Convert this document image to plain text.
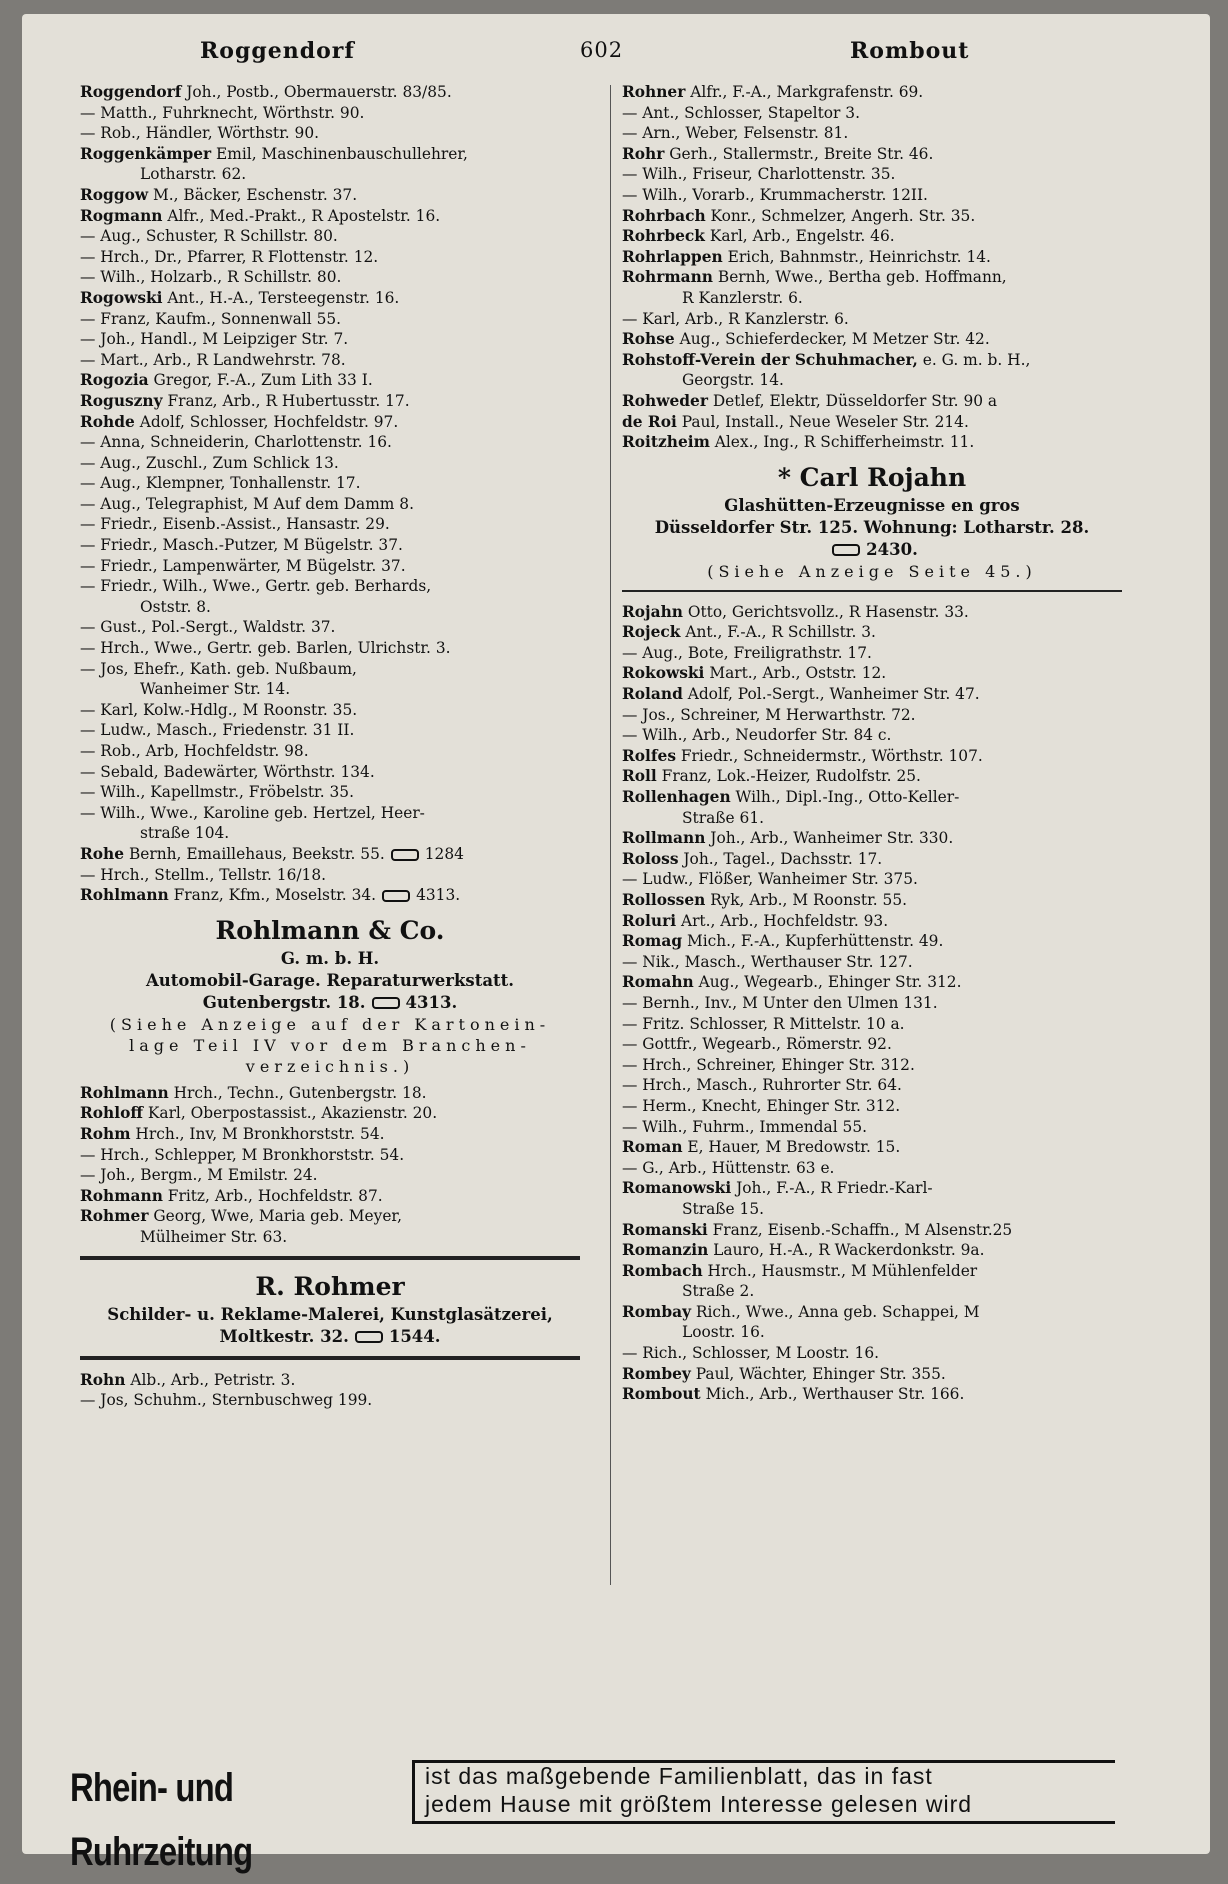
Roggendorf	602	Rombout
Roggendorf Joh., Postb., Obermauerstr. 83/85.
— Matth., Fuhrknecht, Wörthstr. 90.
— Rob., Händler, Wörthstr. 90.
Roggenkämper Emil, Maschinenbauschullehrer,
Lotharstr. 62.
Roggow M., Bäcker, Eschenstr. 37.
Rogmann Alfr., Med.-Prakt., R Apostelstr. 16.
— Aug., Schuster, R Schillstr. 80.
— Hrch., Dr., Pfarrer, R Flottenstr. 12.
— Wilh., Holzarb., R Schillstr. 80.
Rogowski Ant., H.-A., Tersteegenstr. 16.
— Franz, Kaufm., Sonnenwall 55.
— Joh., Handl., M Leipziger Str. 7.
— Mart., Arb., R Landwehrstr. 78.
Rogozia Gregor, F.-A., Zum Lith 33 I.
Roguszny Franz, Arb., R Hubertusstr. 17.
Rohde Adolf, Schlosser, Hochfeldstr. 97.
— Anna, Schneiderin, Charlottenstr. 16.
— Aug., Zuschl., Zum Schlick 13.
— Aug., Klempner, Tonhallenstr. 17.
— Aug., Telegraphist, M Auf dem Damm 8.
— Friedr., Eisenb.-Assist., Hansastr. 29.
— Friedr., Masch.-Putzer, M Bügelstr. 37.
— Friedr., Lampenwärter, M Bügelstr. 37.
— Friedr., Wilh., Wwe., Gertr. geb. Berhards,
Oststr. 8.
— Gust., Pol.-Sergt., Waldstr. 37.
— Hrch., Wwe., Gertr. geb. Barlen, Ulrichstr. 3.
— Jos, Ehefr., Kath. geb. Nußbaum,
Wanheimer Str. 14.
— Karl, Kolw.-Hdlg., M Roonstr. 35.
— Ludw., Masch., Friedenstr. 31 II.
— Rob., Arb, Hochfeldstr. 98.
— Sebald, Badewärter, Wörthstr. 134.
— Wilh., Kapellmstr., Fröbelstr. 35.
— Wilh., Wwe., Karoline geb. Hertzel, Heer-
straße 104.
Rohe Bernh, Emaillehaus, Beekstr. 55.	1284
— Hrch., Stellm., Tellstr. 16/18.
Rohlmann Franz, Kfm., Moselstr. 34.	4313.
Rohlmann & Co.
G. m. b. H.
Automobil-Garage. Reparaturwerkstatt.
Gutenbergstr. 18. 4313.
(Siehe Anzeige auf der Kartonein-
lage Teil IV vor dem Branchen-
verzeichnis.)
Rohlmann Hrch., Techn., Gutenbergstr. 18.
Rohloff Karl, Oberpostassist., Akazienstr. 20.
Rohm Hrch., Inv, M Bronkhorststr. 54.
— Hrch., Schlepper, M Bronkhorststr. 54.
— Joh., Bergm., M Emilstr. 24.
Rohmann Fritz, Arb., Hochfeldstr. 87.
Rohmer Georg, Wwe, Maria geb. Meyer,
Mülheimer Str. 63.
R. Rohmer
Schilder- u. Reklame-Malerei, Kunstglasätzerei,
Moltkestr. 32. 1544.
Rohn Alb., Arb., Petristr. 3.
— Jos, Schuhm., Sternbuschweg 199.
Rohner Alfr., F.-A., Markgrafenstr. 69.
— Ant., Schlosser, Stapeltor 3.
— Arn., Weber, Felsenstr. 81.
Rohr Gerh., Stallermstr., Breite Str. 46.
— Wilh., Friseur, Charlottenstr. 35.
— Wilh., Vorarb., Krummacherstr. 12II.
Rohrbach Konr., Schmelzer, Angerh. Str. 35.
Rohrbeck Karl, Arb., Engelstr. 46.
Rohrlappen Erich, Bahnmstr., Heinrichstr. 14.
Rohrmann Bernh, Wwe., Bertha geb. Hoffmann,
R Kanzlerstr. 6.
— Karl, Arb., R Kanzlerstr. 6.
Rohse Aug., Schieferdecker, M Metzer Str. 42.
Rohstoff-Verein der Schuhmacher, e. G. m. b. H.,
Georgstr. 14.
Rohweder Detlef, Elektr, Düsseldorfer Str. 90 a
de Roi Paul, Install., Neue Weseler Str. 214.
Roitzheim Alex., Ing., R Schifferheimstr. 11.
* Carl Rojahn
Glashütten-Erzeugnisse en gros
Düsseldorfer Str. 125. Wohnung: Lotharstr. 28.
2430.
(Siehe Anzeige Seite 45.)
Rojahn Otto, Gerichtsvollz., R Hasenstr. 33.
Rojeck Ant., F.-A., R Schillstr. 3.
— Aug., Bote, Freiligrathstr. 17.
Rokowski Mart., Arb., Oststr. 12.
Roland Adolf, Pol.-Sergt., Wanheimer Str. 47.
— Jos., Schreiner, M Herwarthstr. 72.
— Wilh., Arb., Neudorfer Str. 84 c.
Rolfes Friedr., Schneidermstr., Wörthstr. 107.
Roll Franz, Lok.-Heizer, Rudolfstr. 25.
Rollenhagen Wilh., Dipl.-Ing., Otto-Keller-
Straße 61.
Rollmann Joh., Arb., Wanheimer Str. 330.
Roloss Joh., Tagel., Dachsstr. 17.
— Ludw., Flößer, Wanheimer Str. 375.
Rollossen Ryk, Arb., M Roonstr. 55.
Roluri Art., Arb., Hochfeldstr. 93.
Romag Mich., F.-A., Kupferhüttenstr. 49.
— Nik., Masch., Werthauser Str. 127.
Romahn Aug., Wegearb., Ehinger Str. 312.
— Bernh., Inv., M Unter den Ulmen 131.
— Fritz. Schlosser, R Mittelstr. 10 a.
— Gottfr., Wegearb., Römerstr. 92.
— Hrch., Schreiner, Ehinger Str. 312.
— Hrch., Masch., Ruhrorter Str. 64.
— Herm., Knecht, Ehinger Str. 312.
— Wilh., Fuhrm., Immendal 55.
Roman E, Hauer, M Bredowstr. 15.
— G., Arb., Hüttenstr. 63 e.
Romanowski Joh., F.-A., R Friedr.-Karl-
Straße 15.
Romanski Franz, Eisenb.-Schaffn., M Alsenstr.25
Romanzin Lauro, H.-A., R Wackerdonkstr. 9a.
Rombach Hrch., Hausmstr., M Mühlenfelder
Straße 2.
Rombay Rich., Wwe., Anna geb. Schappei, M
Loostr. 16.
— Rich., Schlosser, M Loostr. 16.
Rombey Paul, Wächter, Ehinger Str. 355.
Rombout Mich., Arb., Werthauser Str. 166.
Rhein- und Ruhrzeitung
ist das maßgebende Familienblatt, das in fast
jedem Hause mit größtem Interesse gelesen wird
